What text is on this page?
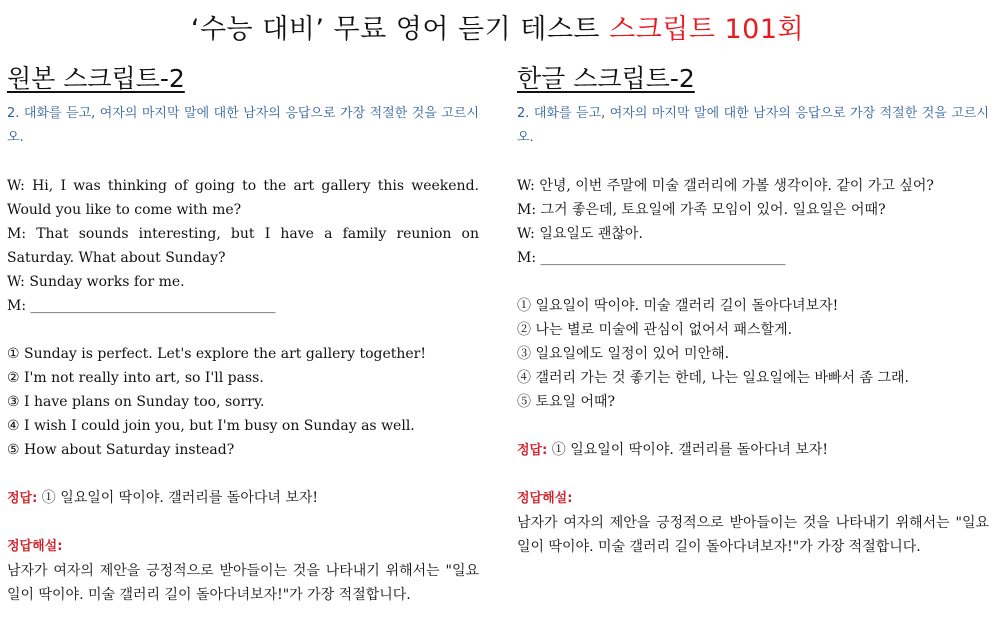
‘수능 대비’ 무료 영어 듣기 테스트 스크립트 101회
원본 스크립트-2
2. 대화를 듣고, 여자의 마지막 말에 대한 남자의 응답으로 가장 적절한 것을 고르시오.
W: Hi, I was thinking of going to the art gallery this weekend. Would you like to come with me?
M: That sounds interesting, but I have a family reunion on Saturday. What about Sunday?
W: Sunday works for me.
M: ___________________________________
① Sunday is perfect. Let's explore the art gallery together!
② I'm not really into art, so I'll pass.
③ I have plans on Sunday too, sorry.
④ I wish I could join you, but I'm busy on Sunday as well.
⑤ How about Saturday instead?
정답: ① 일요일이 딱이야. 갤러리를 돌아다녀 보자!
정답해설:
남자가 여자의 제안을 긍정적으로 받아들이는 것을 나타내기 위해서는 "일요일이 딱이야. 미술 갤러리 길이 돌아다녀보자!"가 가장 적절합니다.
한글 스크립트-2
2. 대화를 듣고, 여자의 마지막 말에 대한 남자의 응답으로 가장 적절한 것을 고르시오.
W: 안녕, 이번 주말에 미술 갤러리에 가볼 생각이야. 같이 가고 싶어?
M: 그거 좋은데, 토요일에 가족 모임이 있어. 일요일은 어때?
W: 일요일도 괜찮아.
M: ___________________________________
① 일요일이 딱이야. 미술 갤러리 길이 돌아다녀보자!
② 나는 별로 미술에 관심이 없어서 패스할게.
③ 일요일에도 일정이 있어 미안해.
④ 갤러리 가는 것 좋기는 한데, 나는 일요일에는 바빠서 좀 그래.
⑤ 토요일 어때?
정답: ① 일요일이 딱이야. 갤러리를 돌아다녀 보자!
정답해설:
남자가 여자의 제안을 긍정적으로 받아들이는 것을 나타내기 위해서는 "일요일이 딱이야. 미술 갤러리 길이 돌아다녀보자!"가 가장 적절합니다.
